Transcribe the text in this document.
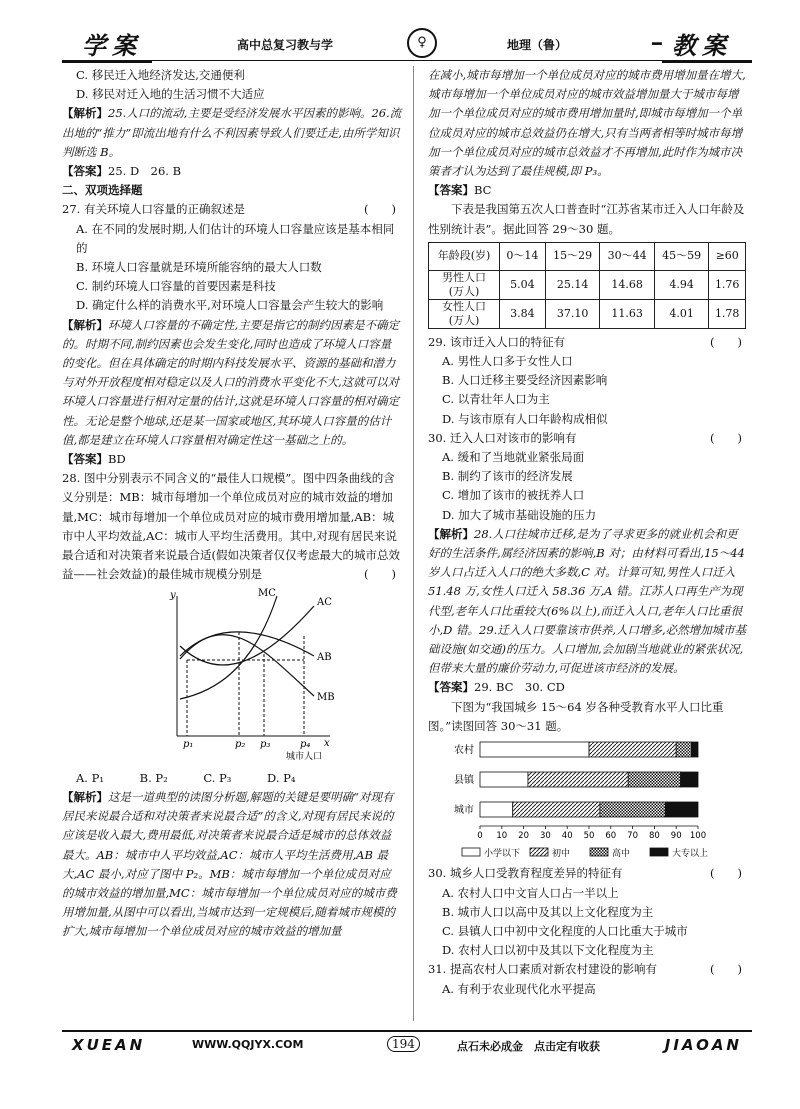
学案	高中总复习教与学	♀	地理（鲁）	━ 教案

C. 移民迁入地经济发达,交通便利

D. 移民对迁入地的生活习惯不大适应

【解析】25.人口的流动,主要是受经济发展水平因素的影响。26.流出地的“推力”即流出地有什么不利因素导致人们要迁走,由所学知识判断选 B。

【答案】25. D　26. B

二、双项选择题

27. 有关环境人口容量的正确叙述是	(　　)

A. 在不同的发展时期,人们估计的环境人口容量应该是基本相同的

B. 环境人口容量就是环境所能容纳的最大人口数

C. 制约环境人口容量的首要因素是科技

D. 确定什么样的消费水平,对环境人口容量会产生较大的影响

【解析】环境人口容量的不确定性,主要是指它的制约因素是不确定的。时期不同,制约因素也会发生变化,同时也造成了环境人口容量的变化。但在具体确定的时期内科技发展水平、资源的基础和潜力与对外开放程度相对稳定以及人口的消费水平变化不大,这就可以对环境人口容量进行相对定量的估计,这就是环境人口容量的相对确定性。无论是整个地球,还是某一国家或地区,其环境人口容量的估计值,都是建立在环境人口容量相对确定性这一基础之上的。

【答案】BD

28. 图中分别表示不同含义的“最佳人口规模”。图中四条曲线的含义分别是：MB：城市每增加一个单位成员对应的城市效益的增加量,MC：城市每增加一个单位成员对应的城市费用增加量,AB：城市中人平均效益,AC：城市人平均生活费用。其中,对现有居民来说最合适和对决策者来说最合适(假如决策者仅仅考虑最大的城市总效益——社会效益)的最佳城市规模分别是	(　　)

y
x
MC
AC
AB
MB
p₁	p₂ p₃	p₄
城市人口

A. P₁	B. P₂	C. P₃	D. P₄

【解析】这是一道典型的读图分析题,解题的关键是要明确“对现有居民来说最合适和对决策者来说最合适”的含义,对现有居民来说的应该是收入最大,费用最低,对决策者来说最合适是城市的总体效益最大。AB：城市中人平均效益,AC：城市人平均生活费用,AB 最大,AC 最小,对应了图中 P₂。MB：城市每增加一个单位成员对应的城市效益的增加量,MC：城市每增加一个单位成员对应的城市费用增加量,从图中可以看出,当城市达到一定规模后,随着城市规模的扩大,城市每增加一个单位成员对应的城市效益的增加量

在减小,城市每增加一个单位成员对应的城市费用增加量在增大,城市每增加一个单位成员对应的城市效益增加量大于城市每增加一个单位成员对应的城市费用增加量时,即城市每增加一个单位成员对应的城市总效益仍在增大,只有当两者相等时城市每增加一个单位成员对应的城市总效益才不再增加,此时作为城市决策者才认为达到了最佳规模,即 P₃。

【答案】BC

下表是我国第五次人口普查时“江苏省某市迁入人口年龄及性别统计表”。据此回答 29～30 题。

年龄段(岁)	0～14	15～29	30～44	45～59	≥60
男性人口
(万人)	5.04	25.14	14.68	4.94	1.76
女性人口
(万人)	3.84	37.10	11.63	4.01	1.78

29. 该市迁入人口的特征有	(　　)

A. 男性人口多于女性人口

B. 人口迁移主要受经济因素影响

C. 以青壮年人口为主

D. 与该市原有人口年龄构成相似

30. 迁入人口对该市的影响有	(　　)

A. 缓和了当地就业紧张局面

B. 制约了该市的经济发展

C. 增加了该市的被抚养人口

D. 加大了城市基础设施的压力

【解析】28.人口往城市迁移,是为了寻求更多的就业机会和更好的生活条件,属经济因素的影响,B 对；由材料可看出,15～44 岁人口占迁入人口的绝大多数,C 对。计算可知,男性人口迁入 51.48 万,女性人口迁入 58.36 万,A 错。江苏人口再生产为现代型,老年人口比重较大(6%以上),而迁入人口,老年人口比重很小,D 错。29.迁入人口要靠该市供养,人口增多,必然增加城市基础设施(如交通)的压力。人口增加,会加剧当地就业的紧张状况,但带来大量的廉价劳动力,可促进该市经济的发展。

【答案】29. BC　30. CD

下图为“我国城乡 15～64 岁各种受教育水平人口比重图。”读图回答 30～31 题。

农村
县镇
城市
0 10 20 30 40 50 60 70 80 90 100
小学以下	初中	高中	大专以上

30. 城乡人口受教育程度差异的特征有	(　　)

A. 农村人口中文盲人口占一半以上

B. 城市人口以高中及其以上文化程度为主

C. 县镇人口中初中文化程度的人口比重大于城市

D. 农村人口以初中及其以下文化程度为主

31. 提高农村人口素质对新农村建设的影响有	(　　)

A. 有利于农业现代化水平提高

XUEAN	WWW.QQJYX.COM	194	点石未必成金　点击定有收获	JIAOAN
